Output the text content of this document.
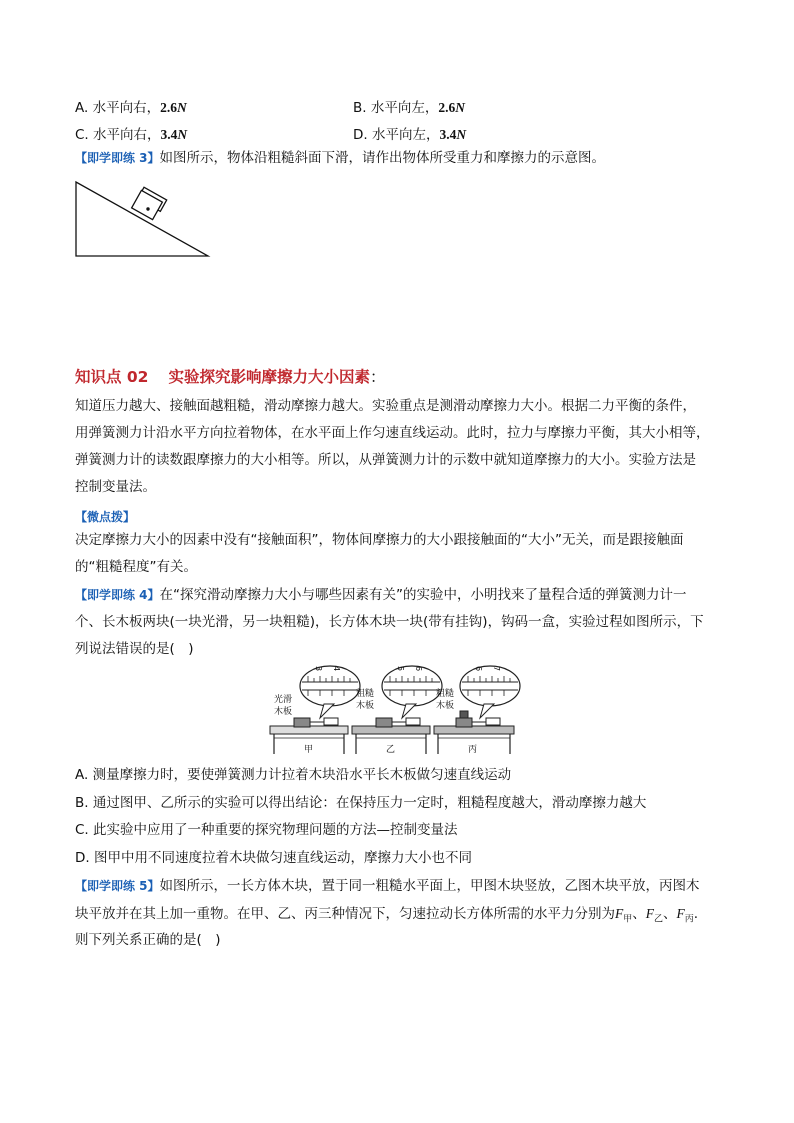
A. 水平向右，2.6N	B. 水平向左，2.6N
C. 水平向右，3.4N	D. 水平向左，3.4N
【即学即练 3】如图所示，物体沿粗糙斜面下滑，请作出物体所受重力和摩擦力的示意图。
知识点 02 实验探究影响摩擦力大小因素：
知道压力越大、接触面越粗糙，滑动摩擦力越大。实验重点是测滑动摩擦力大小。根据二力平衡的条件，
用弹簧测力计沿水平方向拉着物体，在水平面上作匀速直线运动。此时，拉力与摩擦力平衡，其大小相等，
弹簧测力计的读数跟摩擦力的大小相等。所以，从弹簧测力计的示数中就知道摩擦力的大小。实验方法是
控制变量法。
【微点拨】
决定摩擦力大小的因素中没有“接触面积”，物体间摩擦力的大小跟接触面的“大小”无关，而是跟接触面
的“粗糙程度”有关。
【即学即练 4】在“探究滑动摩擦力大小与哪些因素有关”的实验中，小明找来了量程合适的弹簧测力计一
个、长木板两块(一块光滑，另一块粗糙)，长方体木块一块(带有挂钩)，钩码一盒，实验过程如图所示，下
列说法错误的是(　)
3 4	5 6	6 7
光滑
木板
粗糙
木板
粗糙
木板
甲	乙	丙
A. 测量摩擦力时，要使弹簧测力计拉着木块沿水平长木板做匀速直线运动
B. 通过图甲、乙所示的实验可以得出结论：在保持压力一定时，粗糙程度越大，滑动摩擦力越大
C. 此实验中应用了一种重要的探究物理问题的方法—控制变量法
D. 图甲中用不同速度拉着木块做匀速直线运动，摩擦力大小也不同
【即学即练 5】如图所示，一长方体木块，置于同一粗糙水平面上，甲图木块竖放，乙图木块平放，丙图木
块平放并在其上加一重物。在甲、乙、丙三种情况下，匀速拉动长方体所需的水平力分别为$F_甲$、$F_乙$、$F_丙$.
则下列关系正确的是(　)
